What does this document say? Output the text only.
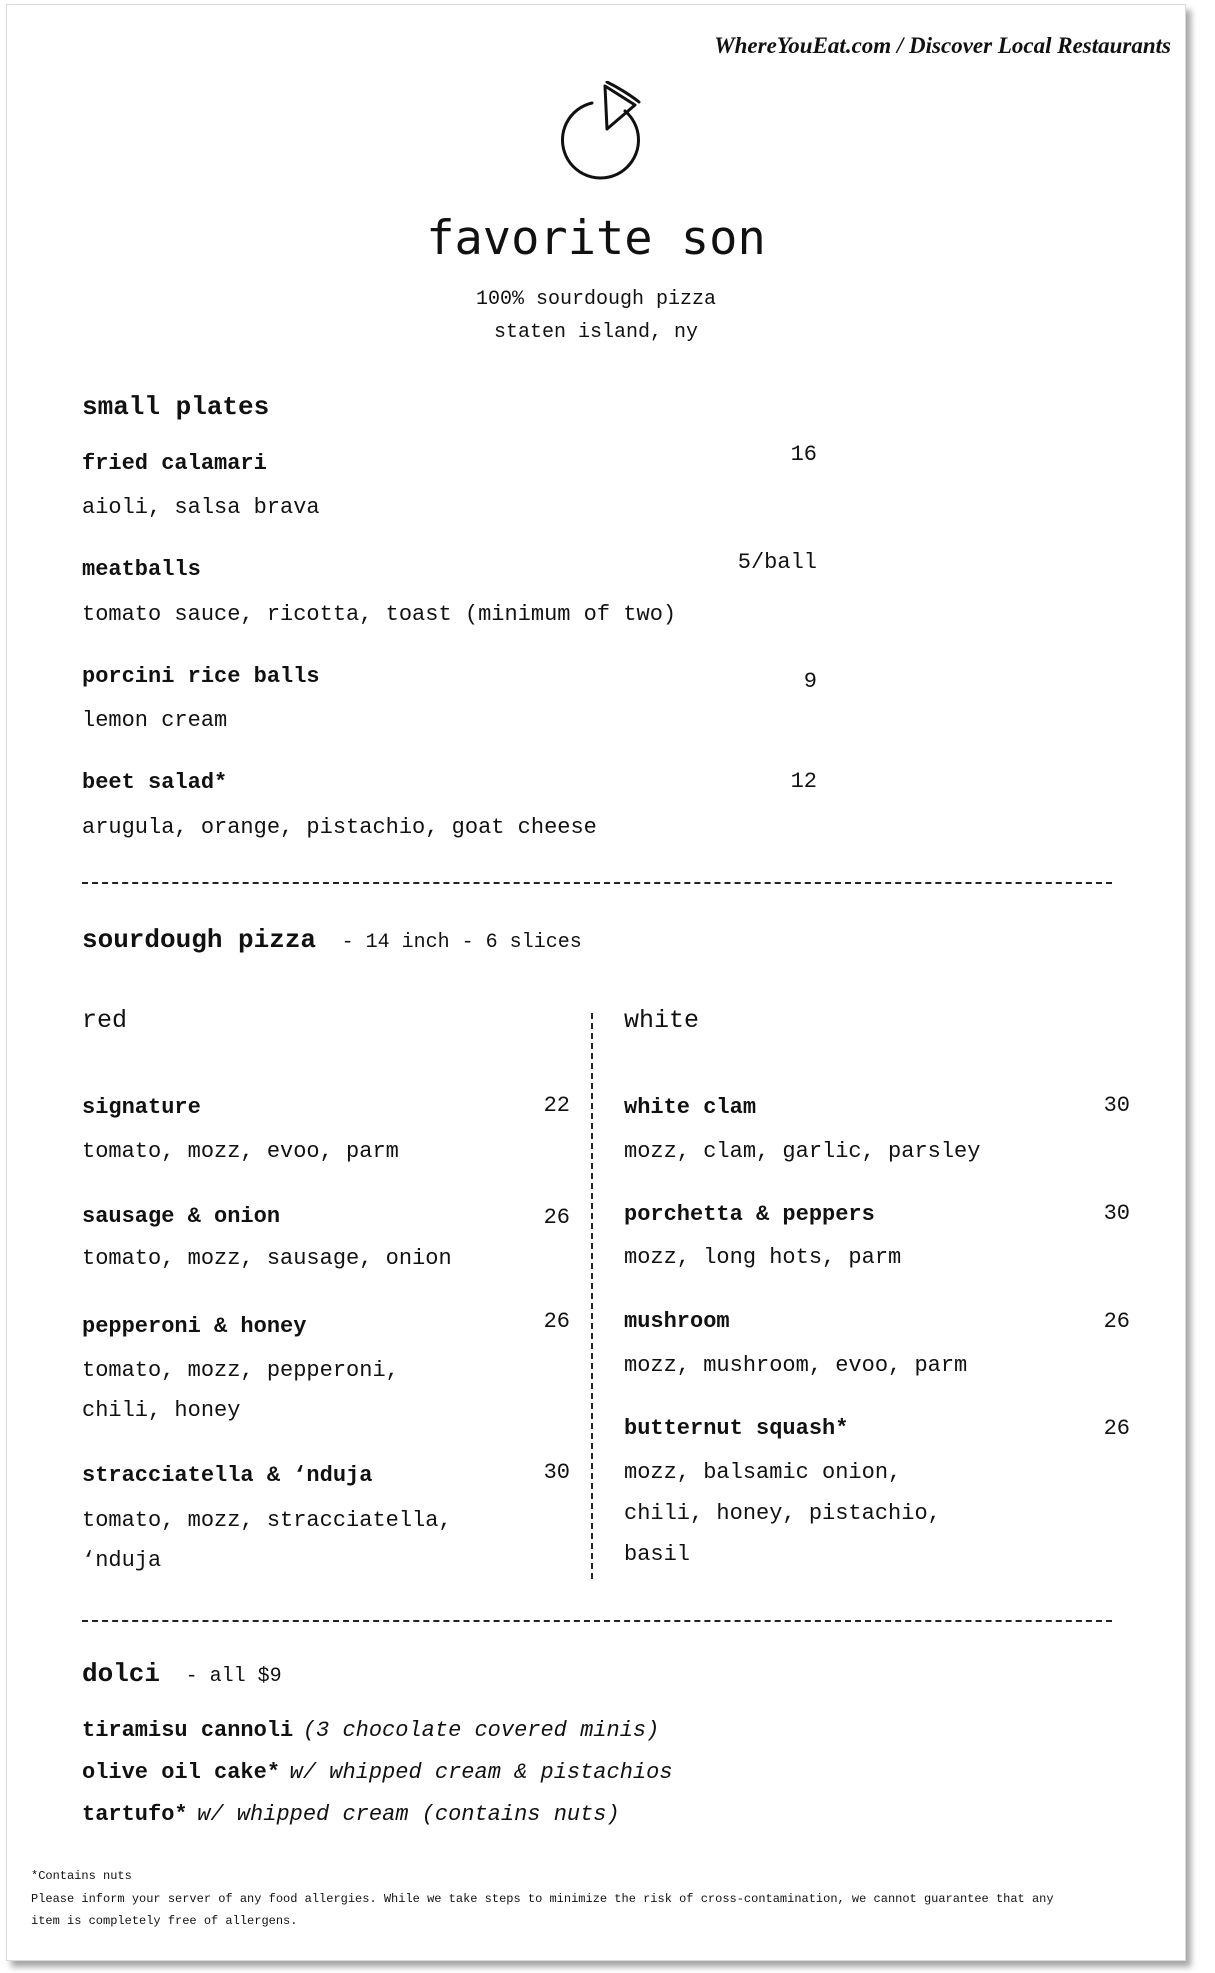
WhereYouEat.com / Discover Local Restaurants
favorite son
100% sourdough pizza
staten island, ny
small plates
fried calamari	16
aioli, salsa brava
meatballs	5/ball
tomato sauce, ricotta, toast (minimum of two)
porcini rice balls	9
lemon cream
beet salad*	12
arugula, orange, pistachio, goat cheese
sourdough pizza - 14 inch - 6 slices
red	white
signature	22
tomato, mozz, evoo, parm
sausage & onion	26
tomato, mozz, sausage, onion
pepperoni & honey	26
tomato, mozz, pepperoni,
chili, honey
stracciatella & ‘nduja	30
tomato, mozz, stracciatella,
‘nduja
white clam	30
mozz, clam, garlic, parsley
porchetta & peppers	30
mozz, long hots, parm
mushroom	26
mozz, mushroom, evoo, parm
butternut squash*	26
mozz, balsamic onion,
chili, honey, pistachio,
basil
dolci - all $9
tiramisu cannoli (3 chocolate covered minis)
olive oil cake* w/ whipped cream & pistachios
tartufo* w/ whipped cream (contains nuts)
*Contains nuts
Please inform your server of any food allergies. While we take steps to minimize the risk of cross-contamination, we cannot guarantee that any
item is completely free of allergens.
